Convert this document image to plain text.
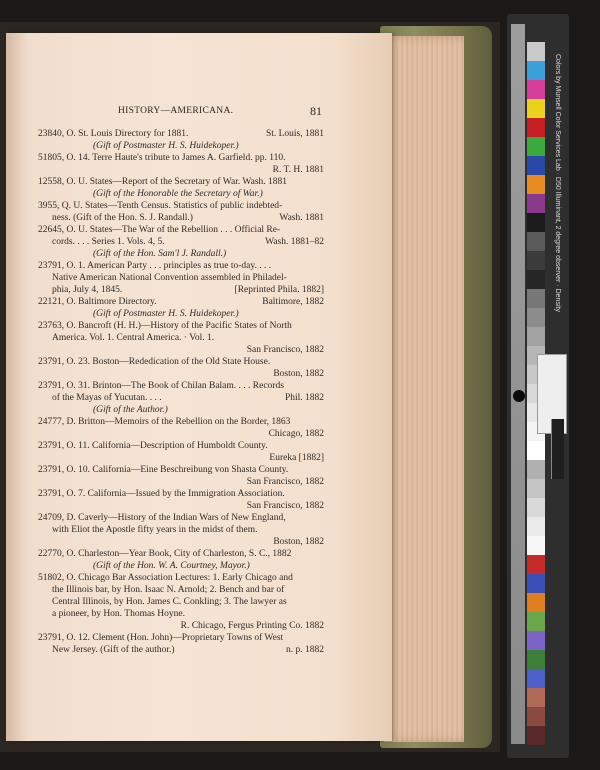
HISTORY—AMERICANA.	81
23840, O. St. Louis Directory for 1881.	St. Louis, 1881
(Gift of Postmaster H. S. Huidekoper.)
51805, O. 14. Terre Haute's tribute to James A. Garfield. pp. 110.
R. T. H. 1881
12558, O. U. States—Report of the Secretary of War. Wash. 1881
(Gift of the Honorable the Secretary of War.)
3955, Q. U. States—Tenth Census. Statistics of public indebted-
ness. (Gift of the Hon. S. J. Randall.)	Wash. 1881
22645, O. U. States—The War of the Rebellion . . . Official Re-
cords. . . . Series 1. Vols. 4, 5.	Wash. 1881–82
(Gift of the Hon. Sam'l J. Randall.)
23791, O. 1. American Party . . . principles as true to-day. . . .
Native American National Convention assembled in Philadel-
phia, July 4, 1845.	[Reprinted Phila. 1882]
22121, O. Baltimore Directory.	Baltimore, 1882
(Gift of Postmaster H. S. Huidekoper.)
23763, O. Bancroft (H. H.)—History of the Pacific States of North
America. Vol. 1. Central America. · Vol. 1.
San Francisco, 1882
23791, O. 23. Boston—Rededication of the Old State House.
Boston, 1882
23791, O. 31. Brinton—The Book of Chilan Balam. . . . Records
of the Mayas of Yucutan. . . .	Phil. 1882
(Gift of the Author.)
24777, D. Britton—Memoirs of the Rebellion on the Border, 1863
Chicago, 1882
23791, O. 11. California—Description of Humboldt County.
Eureka [1882]
23791, O. 10. California—Eine Beschreibung von Shasta County.
San Francisco, 1882
23791, O. 7. California—Issued by the Immigration Association.
San Francisco, 1882
24709, D. Caverly—History of the Indian Wars of New England,
with Eliot the Apostle fifty years in the midst of them.
Boston, 1882
22770, O. Charleston—Year Book, City of Charleston, S. C., 1882
(Gift of the Hon. W. A. Courtney, Mayor.)
51802, O. Chicago Bar Association Lectures: 1. Early Chicago and
the Illinois bar, by Hon. Isaac N. Arnold; 2. Bench and bar of
Central Illinois, by Hon. James C. Conkling; 3. The lawyer as
a pioneer, by Hon. Thomas Hoyne.
R. Chicago, Fergus Printing Co. 1882
23791, O. 12. Clement (Hon. John)—Proprietary Towns of West
New Jersey. (Gift of the author.)	n. p. 1882
Colors by Munsell Color Services Lab · D50 Illuminant, 2 degree observer · Density
